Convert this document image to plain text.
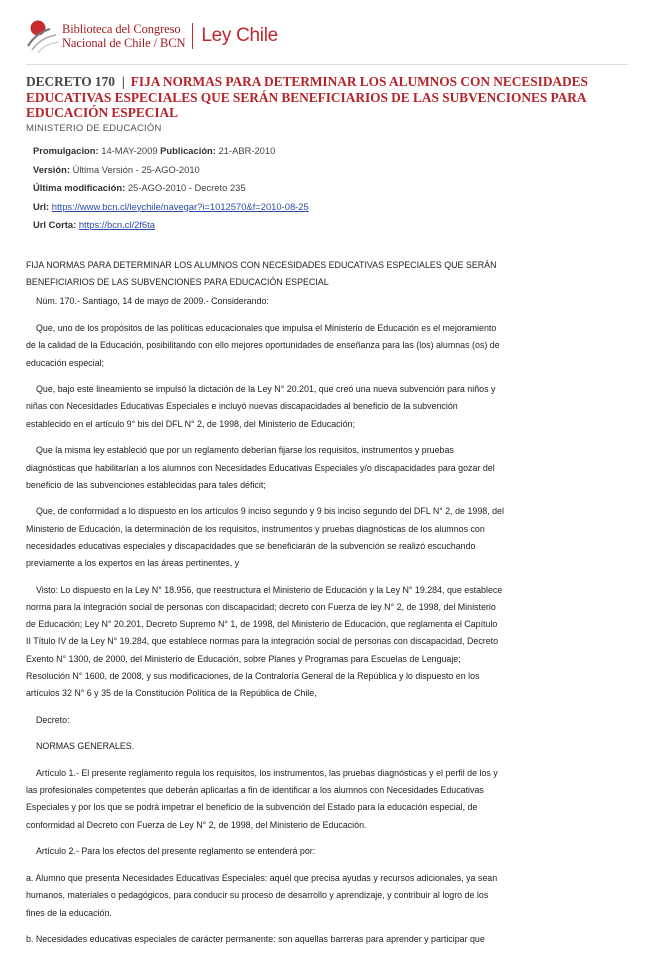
Biblioteca del Congreso
Nacional de Chile / BCN Ley Chile
DECRETO 170 | FIJA NORMAS PARA DETERMINAR LOS ALUMNOS CON NECESIDADES EDUCATIVAS ESPECIALES QUE SERÁN BENEFICIARIOS DE LAS SUBVENCIONES PARA EDUCACIÓN ESPECIAL
MINISTERIO DE EDUCACIÓN
Promulgacion: 14-MAY-2009 Publicación: 21-ABR-2010
Versión: Última Versión - 25-AGO-2010
Última modificación: 25-AGO-2010 - Decreto 235
Url: https://www.bcn.cl/leychile/navegar?i=1012570&f=2010-08-25
Url Corta: https://bcn.cl/2f6ta

FIJA NORMAS PARA DETERMINAR LOS ALUMNOS CON NECESIDADES EDUCATIVAS ESPECIALES QUE SERÁN BENEFICIARIOS DE LAS SUBVENCIONES PARA EDUCACIÓN ESPECIAL

Núm. 170.- Santiago, 14 de mayo de 2009.- Considerando:

Que, uno de los propósitos de las políticas educacionales que impulsa el Ministerio de Educación es el mejoramiento de la calidad de la Educación, posibilitando con ello mejores oportunidades de enseñanza para las (los) alumnas (os) de educación especial;

Que, bajo este lineamiento se impulsó la dictación de la Ley N° 20.201, que creó una nueva subvención para niños y niñas con Necesidades Educativas Especiales e incluyó nuevas discapacidades al beneficio de la subvención establecido en el artículo 9° bis del DFL N° 2, de 1998, del Ministerio de Educación;

Que la misma ley estableció que por un reglamento deberían fijarse los requisitos, instrumentos y pruebas diagnósticas que habilitarían a los alumnos con Necesidades Educativas Especiales y/o discapacidades para gozar del beneficio de las subvenciones establecidas para tales déficit;

Que, de conformidad a lo dispuesto en los artículos 9 inciso segundo y 9 bis inciso segundo del DFL N° 2, de 1998, del Ministerio de Educación, la determinación de los requisitos, instrumentos y pruebas diagnósticas de los alumnos con necesidades educativas especiales y discapacidades que se beneficiarán de la subvención se realizó escuchando previamente a los expertos en las áreas pertinentes, y

Visto: Lo dispuesto en la Ley N° 18.956, que reestructura el Ministerio de Educación y la Ley N° 19.284, que establece norma para la integración social de personas con discapacidad; decreto con Fuerza de ley N° 2, de 1998, del Ministerio de Educación; Ley N° 20.201, Decreto Supremo N° 1, de 1998, del Ministerio de Educación, que reglamenta el Capítulo II Título IV de la Ley N° 19.284, que establece normas para la integración social de personas con discapacidad, Decreto Exento N° 1300, de 2000, del Ministerio de Educación, sobre Planes y Programas para Escuelas de Lenguaje; Resolución N° 1600, de 2008, y sus modificaciones, de la Contraloría General de la República y lo dispuesto en los artículos 32 N° 6 y 35 de la Constitución Política de la República de Chile,

Decreto:

NORMAS GENERALES.

Artículo 1.- El presente reglamento regula los requisitos, los instrumentos, las pruebas diagnósticas y el perfil de los y las profesionales competentes que deberán aplicarlas a fin de identificar a los alumnos con Necesidades Educativas Especiales y por los que se podrá impetrar el beneficio de la subvención del Estado para la educación especial, de conformidad al Decreto con Fuerza de Ley N° 2, de 1998, del Ministerio de Educación.

Artículo 2.- Para los efectos del presente reglamento se entenderá por:

a. Alumno que presenta Necesidades Educativas Especiales: aquél que precisa ayudas y recursos adicionales, ya sean humanos, materiales o pedagógicos, para conducir su proceso de desarrollo y aprendizaje, y contribuir al logro de los fines de la educación.

b. Necesidades educativas especiales de carácter permanente: son aquellas barreras para aprender y participar que
